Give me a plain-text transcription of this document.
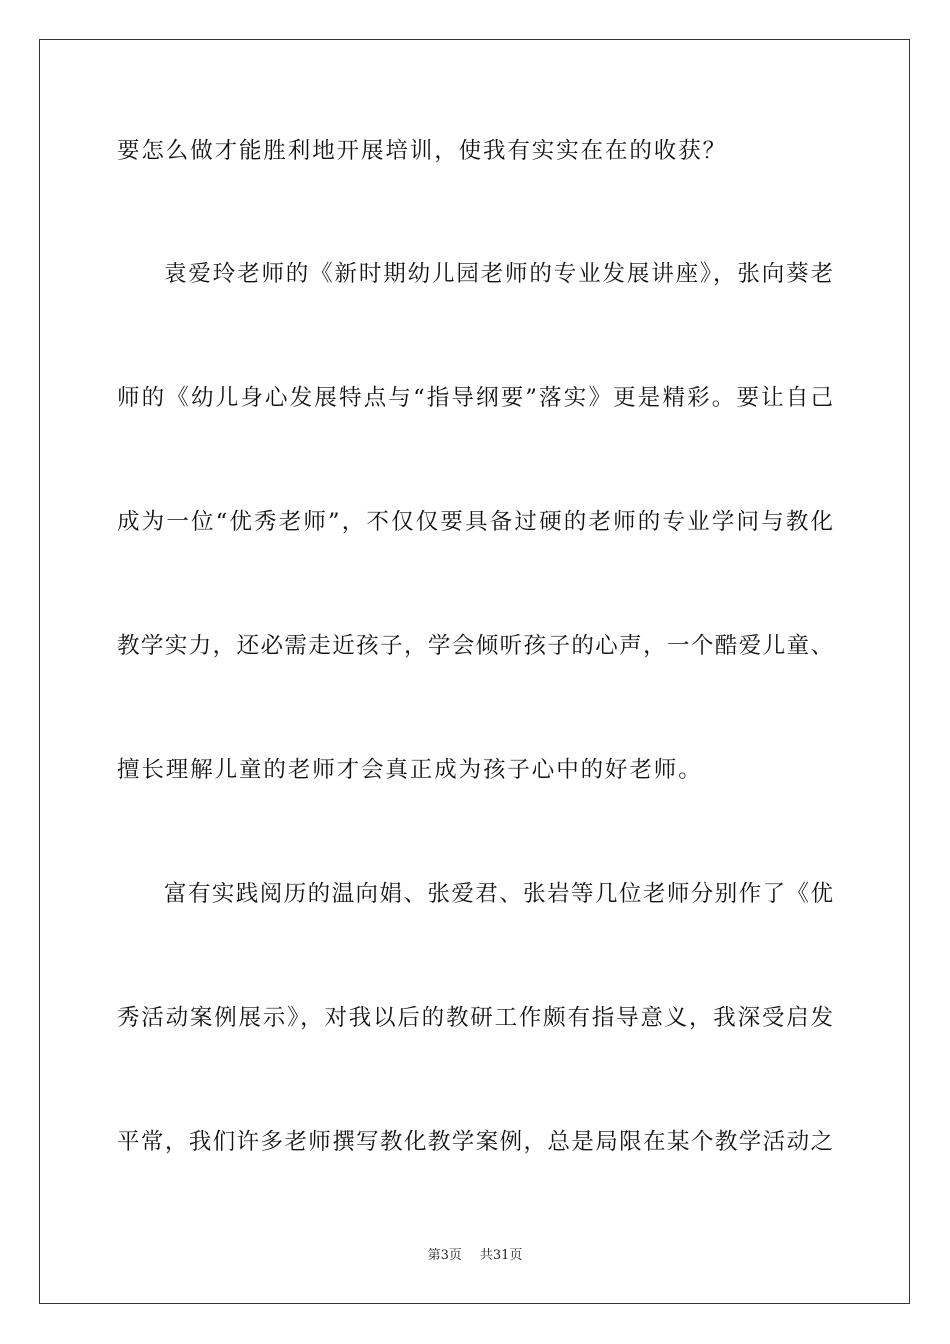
要怎么做才能胜利地开展培训，使我有实实在在的收获？
袁爱玲老师的《新时期幼儿园老师的专业发展讲座》，张向葵老
师的《幼儿身心发展特点与“指导纲要”落实》更是精彩。要让自己
成为一位“优秀老师”，不仅仅要具备过硬的老师的专业学问与教化
教学实力，还必需走近孩子，学会倾听孩子的心声，一个酷爱儿童、
擅长理解儿童的老师才会真正成为孩子心中的好老师。
富有实践阅历的温向娟、张爱君、张岩等几位老师分别作了《优
秀活动案例展示》，对我以后的教研工作颇有指导意义，我深受启发
平常，我们许多老师撰写教化教学案例，总是局限在某个教学活动之
第3页 共31页
